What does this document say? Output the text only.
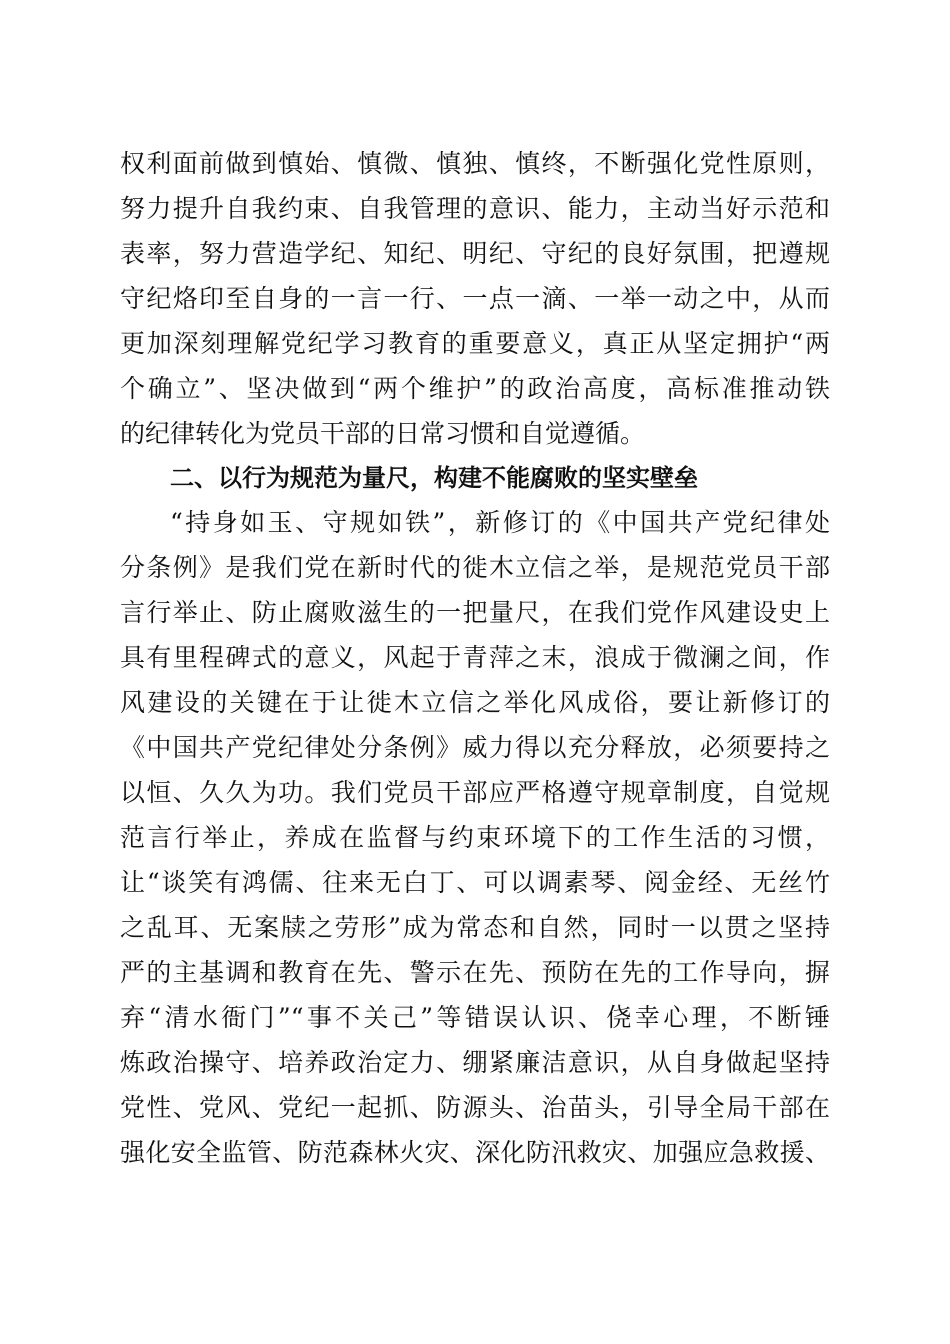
权利面前做到慎始、慎微、慎独、慎终，不断强化党性原则，
努力提升自我约束、自我管理的意识、能力，主动当好示范和
表率，努力营造学纪、知纪、明纪、守纪的良好氛围，把遵规
守纪烙印至自身的一言一行、一点一滴、一举一动之中，从而
更加深刻理解党纪学习教育的重要意义，真正从坚定拥护“两
个确立”、坚决做到“两个维护”的政治高度，高标准推动铁
的纪律转化为党员干部的日常习惯和自觉遵循。
二、以行为规范为量尺，构建不能腐败的坚实壁垒
“持身如玉、守规如铁”，新修订的《中国共产党纪律处
分条例》是我们党在新时代的徙木立信之举，是规范党员干部
言行举止、防止腐败滋生的一把量尺，在我们党作风建设史上
具有里程碑式的意义，风起于青萍之末，浪成于微澜之间，作
风建设的关键在于让徙木立信之举化风成俗，要让新修订的
《中国共产党纪律处分条例》威力得以充分释放，必须要持之
以恒、久久为功。我们党员干部应严格遵守规章制度，自觉规
范言行举止，养成在监督与约束环境下的工作生活的习惯，
让“谈笑有鸿儒、往来无白丁、可以调素琴、阅金经、无丝竹
之乱耳、无案牍之劳形”成为常态和自然，同时一以贯之坚持
严的主基调和教育在先、警示在先、预防在先的工作导向，摒
弃“清水衙门”“事不关己”等错误认识、侥幸心理，不断锤
炼政治操守、培养政治定力、绷紧廉洁意识，从自身做起坚持
党性、党风、党纪一起抓、防源头、治苗头，引导全局干部在
强化安全监管、防范森林火灾、深化防汛救灾、加强应急救援、
